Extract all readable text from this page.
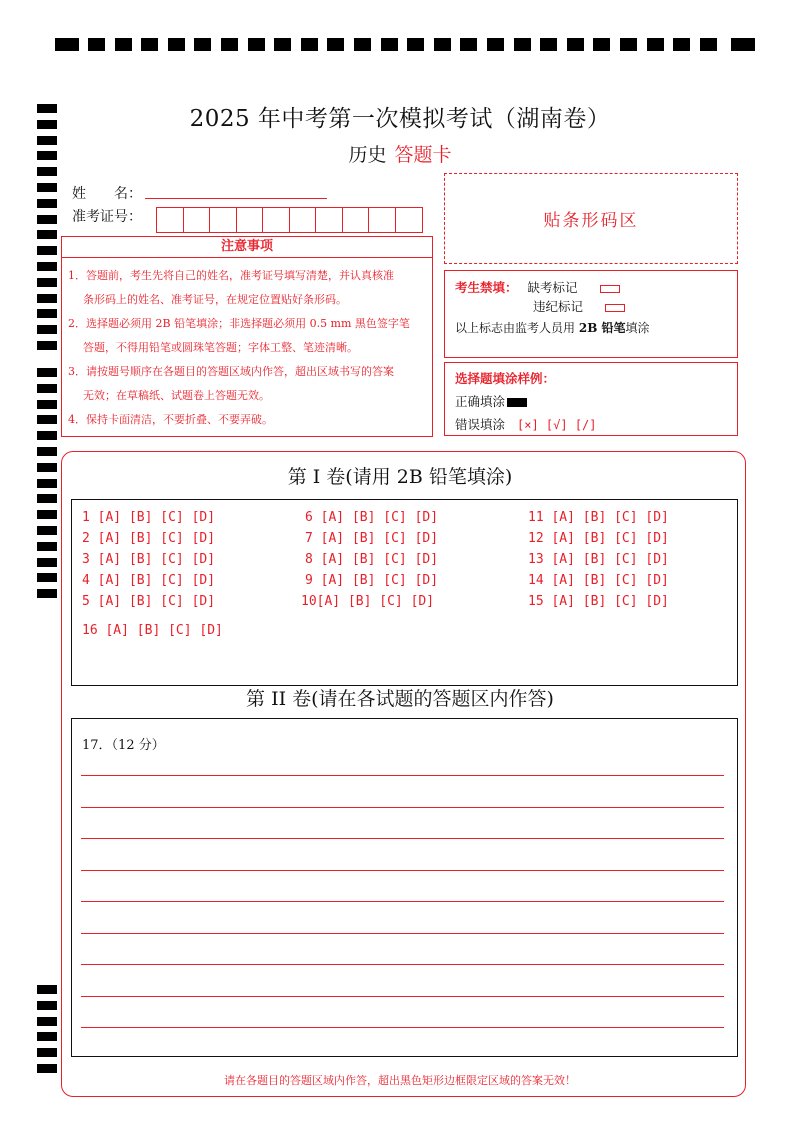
2025 年中考第一次模拟考试（湖南卷）
历史 答题卡
姓　　名：
准考证号：	贴条形码区
注意事项
1．答题前，考生先将自己的姓名，准考证号填写清楚，并认真核准
条形码上的姓名、准考证号，在规定位置贴好条形码。
2．选择题必须用 2B 铅笔填涂；非选择题必须用 0.5 mm 黑色签字笔
答题，不得用铅笔或圆珠笔答题；字体工整、笔迹清晰。
3．请按题号顺序在各题目的答题区域内作答，超出区域书写的答案
无效；在草稿纸、试题卷上答题无效。
4．保持卡面清洁，不要折叠、不要弄破。
考生禁填： 缺考标记
违纪标记
以上标志由监考人员用 2B 铅笔填涂
选择题填涂样例：
正确填涂
错误填涂 [×] [√] [/]
第 I 卷(请用 2B 铅笔填涂)
1 [A] [B] [C] [D]
2 [A] [B] [C] [D]
3 [A] [B] [C] [D]
4 [A] [B] [C] [D]
5 [A] [B] [C] [D]
6 [A] [B] [C] [D]
7 [A] [B] [C] [D]
8 [A] [B] [C] [D]
9 [A] [B] [C] [D]
10[A] [B] [C] [D]
11 [A] [B] [C] [D]
12 [A] [B] [C] [D]
13 [A] [B] [C] [D]
14 [A] [B] [C] [D]
15 [A] [B] [C] [D]
16 [A] [B] [C] [D]
第 II 卷(请在各试题的答题区内作答)
17．（12 分）
请在各题目的答题区域内作答，超出黑色矩形边框限定区域的答案无效！
